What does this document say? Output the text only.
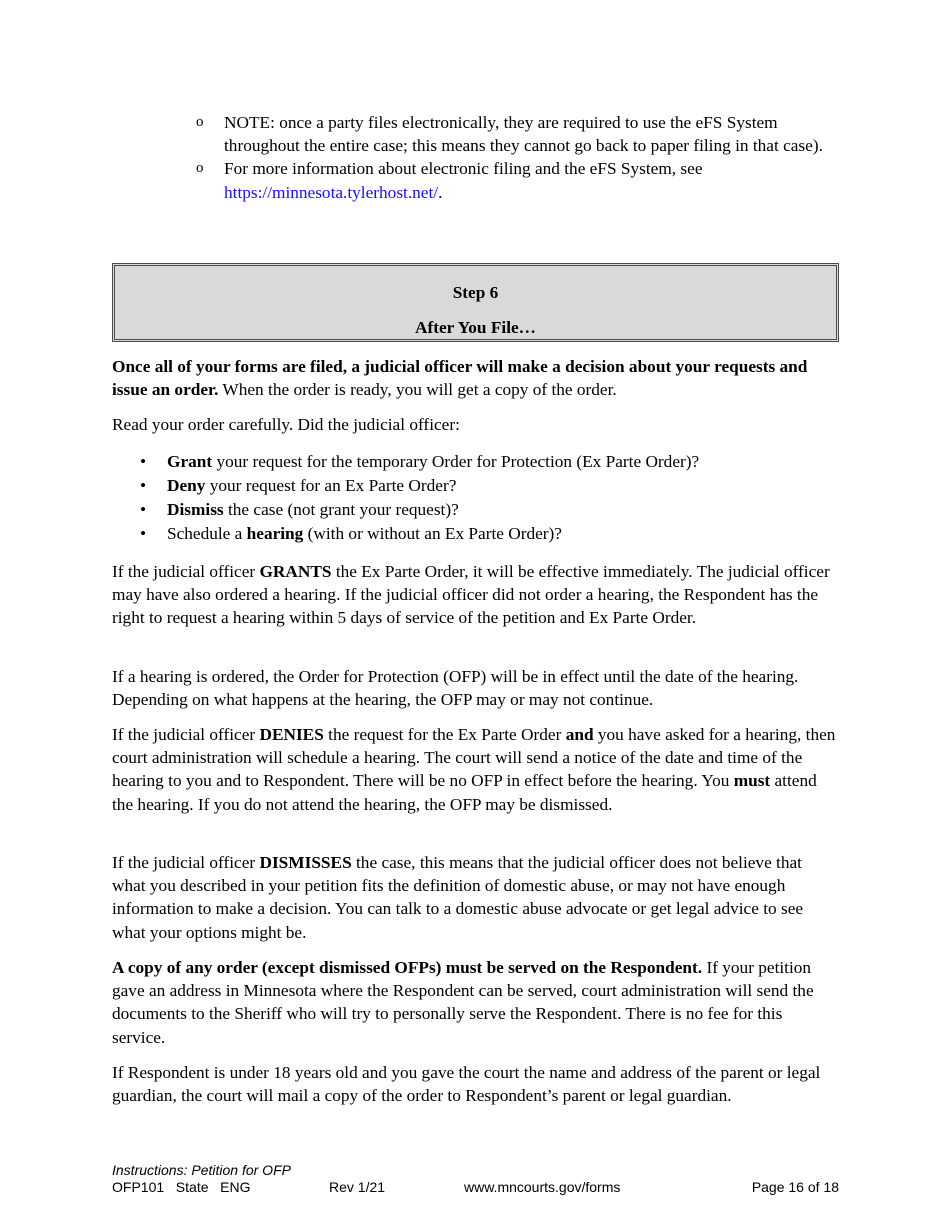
o NOTE: once a party files electronically, they are required to use the eFS System throughout the entire case; this means they cannot go back to paper filing in that case).
o For more information about electronic filing and the eFS System, see https://minnesota.tylerhost.net/.
Step 6
After You File…

Once all of your forms are filed, a judicial officer will make a decision about your requests and issue an order. When the order is ready, you will get a copy of the order.

Read your order carefully. Did the judicial officer:

• Grant your request for the temporary Order for Protection (Ex Parte Order)?
• Deny your request for an Ex Parte Order?
• Dismiss the case (not grant your request)?
• Schedule a hearing (with or without an Ex Parte Order)?

If the judicial officer GRANTS the Ex Parte Order, it will be effective immediately. The judicial officer may have also ordered a hearing. If the judicial officer did not order a hearing, the Respondent has the right to request a hearing within 5 days of service of the petition and Ex Parte Order.

If a hearing is ordered, the Order for Protection (OFP) will be in effect until the date of the hearing. Depending on what happens at the hearing, the OFP may or may not continue.

If the judicial officer DENIES the request for the Ex Parte Order and you have asked for a hearing, then court administration will schedule a hearing. The court will send a notice of the date and time of the hearing to you and to Respondent. There will be no OFP in effect before the hearing. You must attend the hearing. If you do not attend the hearing, the OFP may be dismissed.

If the judicial officer DISMISSES the case, this means that the judicial officer does not believe that what you described in your petition fits the definition of domestic abuse, or may not have enough information to make a decision. You can talk to a domestic abuse advocate or get legal advice to see what your options might be.

A copy of any order (except dismissed OFPs) must be served on the Respondent. If your petition gave an address in Minnesota where the Respondent can be served, court administration will send the documents to the Sheriff who will try to personally serve the Respondent. There is no fee for this service.

If Respondent is under 18 years old and you gave the court the name and address of the parent or legal guardian, the court will mail a copy of the order to Respondent’s parent or legal guardian.

Instructions: Petition for OFP
OFP101   State   ENG	Rev 1/21	www.mncourts.gov/forms	Page 16 of 18
